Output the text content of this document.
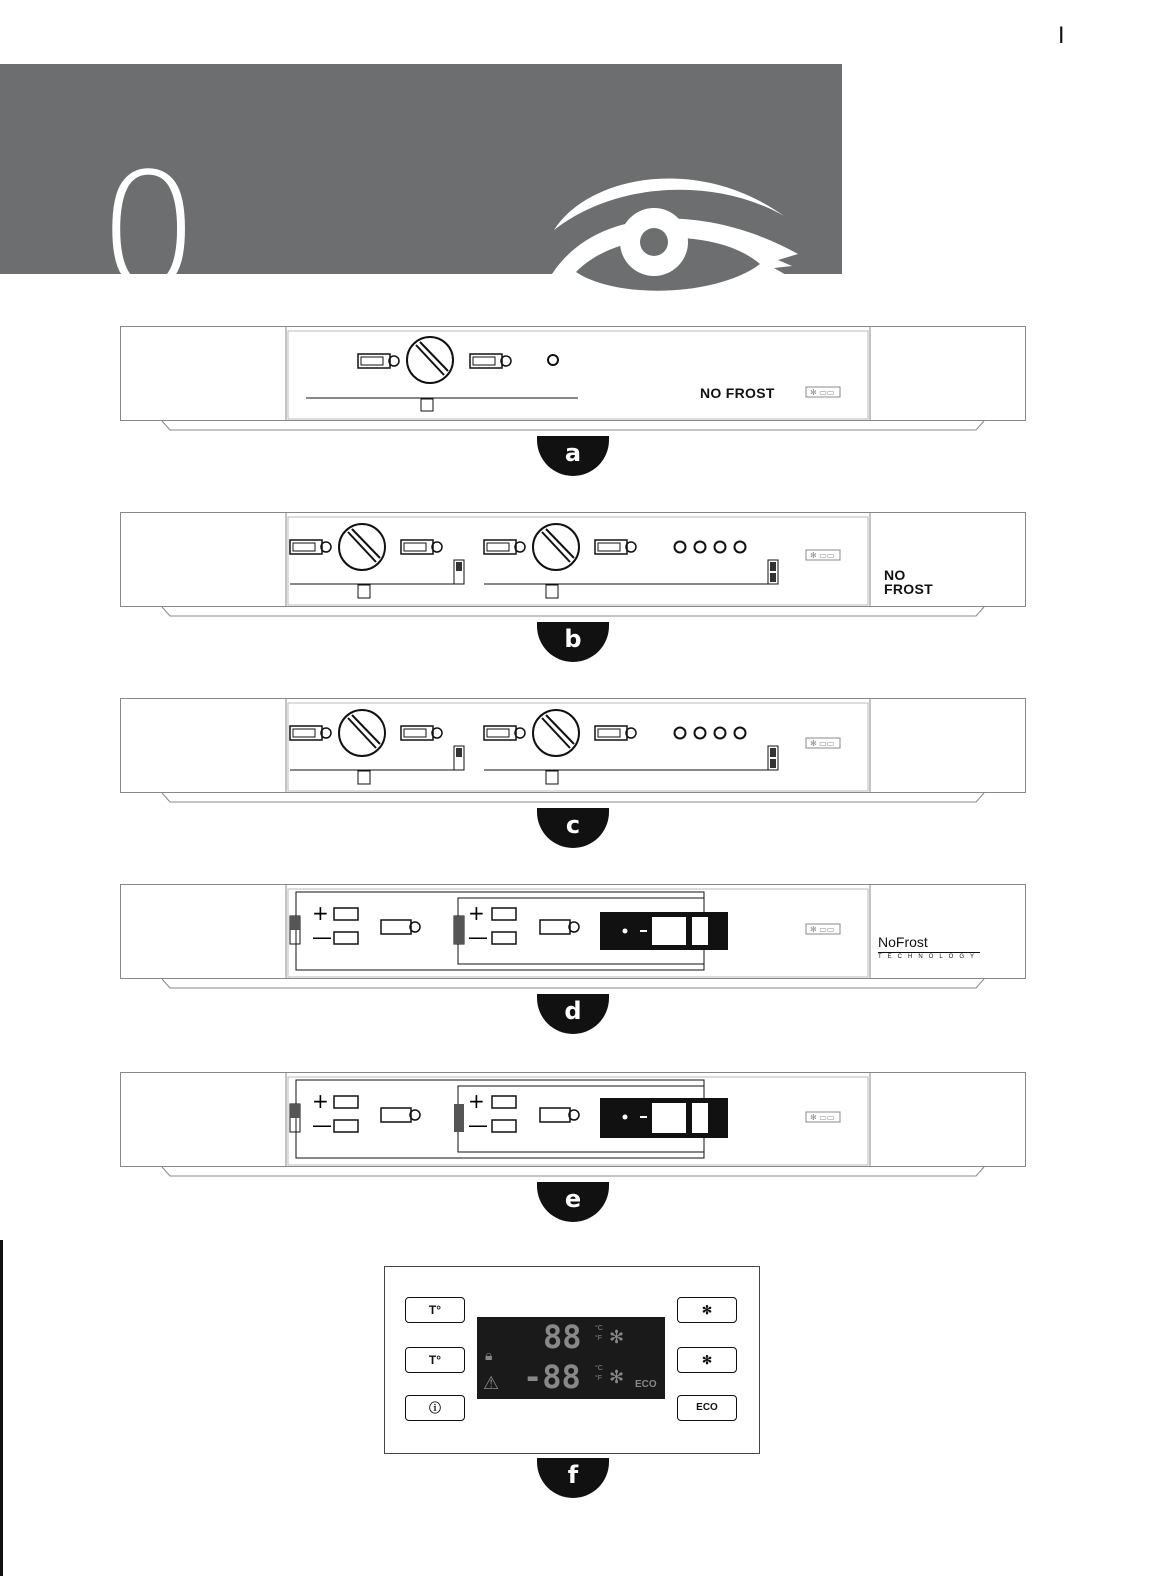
I
0
✻ ▭▭
NO FROST
a
✻ ▭▭
NO
FROST
b
✻ ▭▭
c
+
—
+
—	✻ ▭▭
NoFrost
TECHNOLOGY
d
+
—
+
—	✻ ▭▭
e
T°
T°
ⓘ
88
-88
°C
°F
°C
°F
✻
✻
🔒︎
⚠	ECO
✻
✻
ECO
f
